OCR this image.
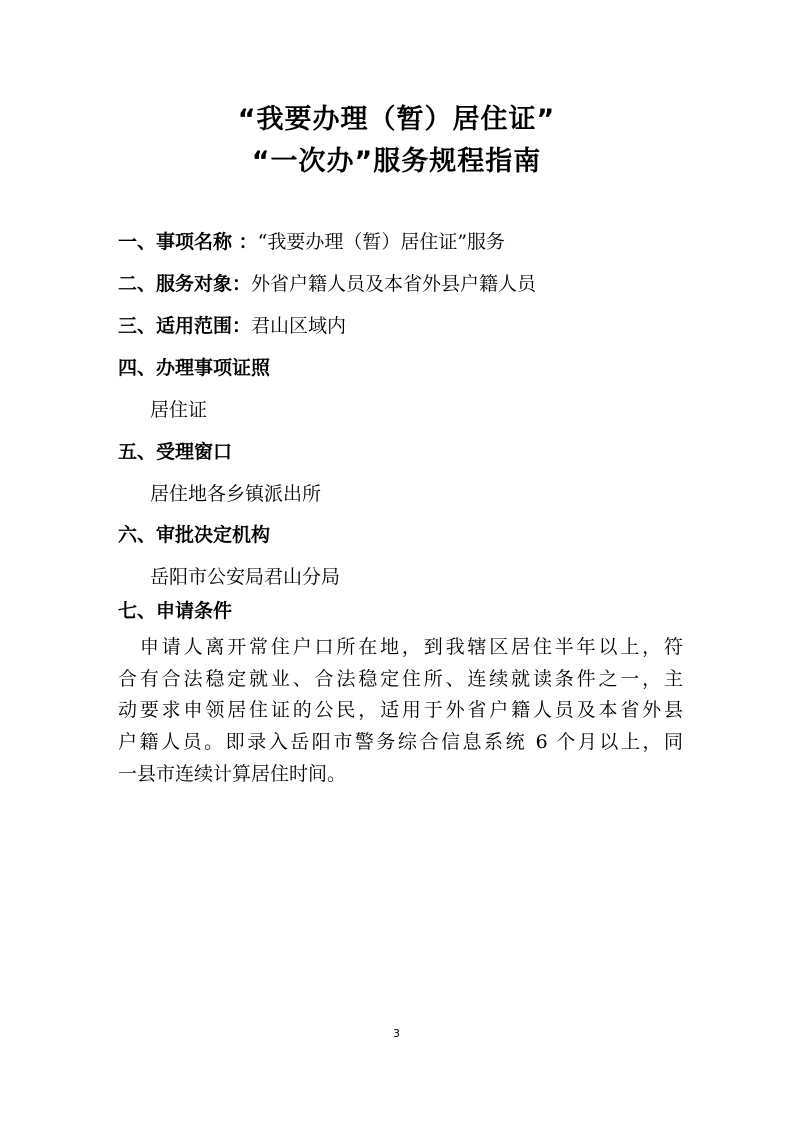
“我要办理（暂）居住证”
“一次办”服务规程指南
一、事项名称 ：“我要办理（暂）居住证”服务
二、服务对象：外省户籍人员及本省外县户籍人员
三、适用范围：君山区域内
四、办理事项证照
居住证
五、受理窗口
居住地各乡镇派出所
六、审批决定机构
岳阳市公安局君山分局
七、申请条件
　申请人离开常住户口所在地，到我辖区居住半年以上，符
合有合法稳定就业、合法稳定住所、连续就读条件之一，主
动要求申领居住证的公民，适用于外省户籍人员及本省外县
户籍人员。即录入岳阳市警务综合信息系统 6 个月以上，同
一县市连续计算居住时间。
3
